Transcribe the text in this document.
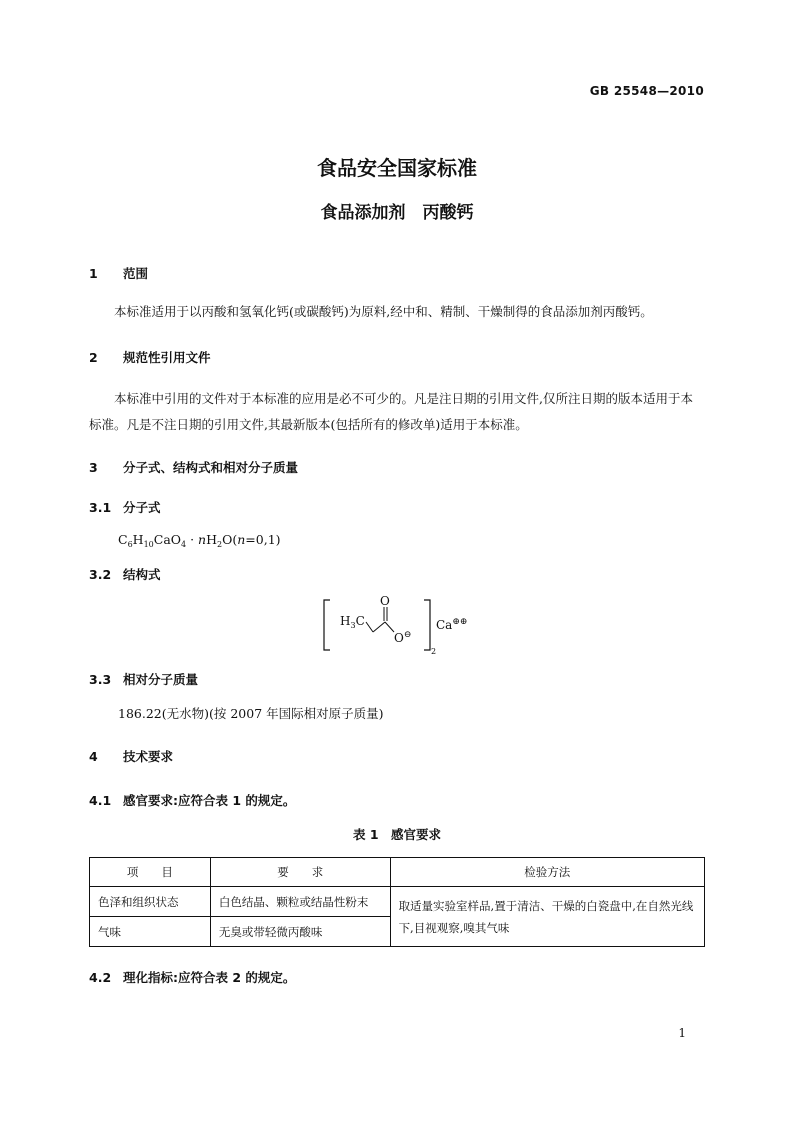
GB 25548—2010
食品安全国家标准
食品添加剂　丙酸钙
1 范围
本标准适用于以丙酸和氢氧化钙(或碳酸钙)为原料,经中和、精制、干燥制得的食品添加剂丙酸钙。
2 规范性引用文件
本标准中引用的文件对于本标准的应用是必不可少的。凡是注日期的引用文件,仅所注日期的版本适用于本标准。凡是不注日期的引用文件,其最新版本(包括所有的修改单)适用于本标准。
3 分子式、结构式和相对分子质量
3.1 分子式
$C_6H_{10}CaO_4 \cdot nH_2O(n=0,1)$
3.2 结构式
$H_3C$
O
O⊖
2
Ca⊕⊕
3.3 相对分子质量
186.22(无水物)(按 2007 年国际相对原子质量)
4 技术要求
4.1 感官要求:应符合表 1 的规定。
表 1　感官要求
项　　目	要　　求	检验方法
色泽和组织状态	白色结晶、颗粒或结晶性粉末	取适量实验室样品,置于清洁、干燥的白瓷盘中,在自然光线下,目视观察,嗅其气味
气味	无臭或带轻微丙酸味	
4.2 理化指标:应符合表 2 的规定。
1
